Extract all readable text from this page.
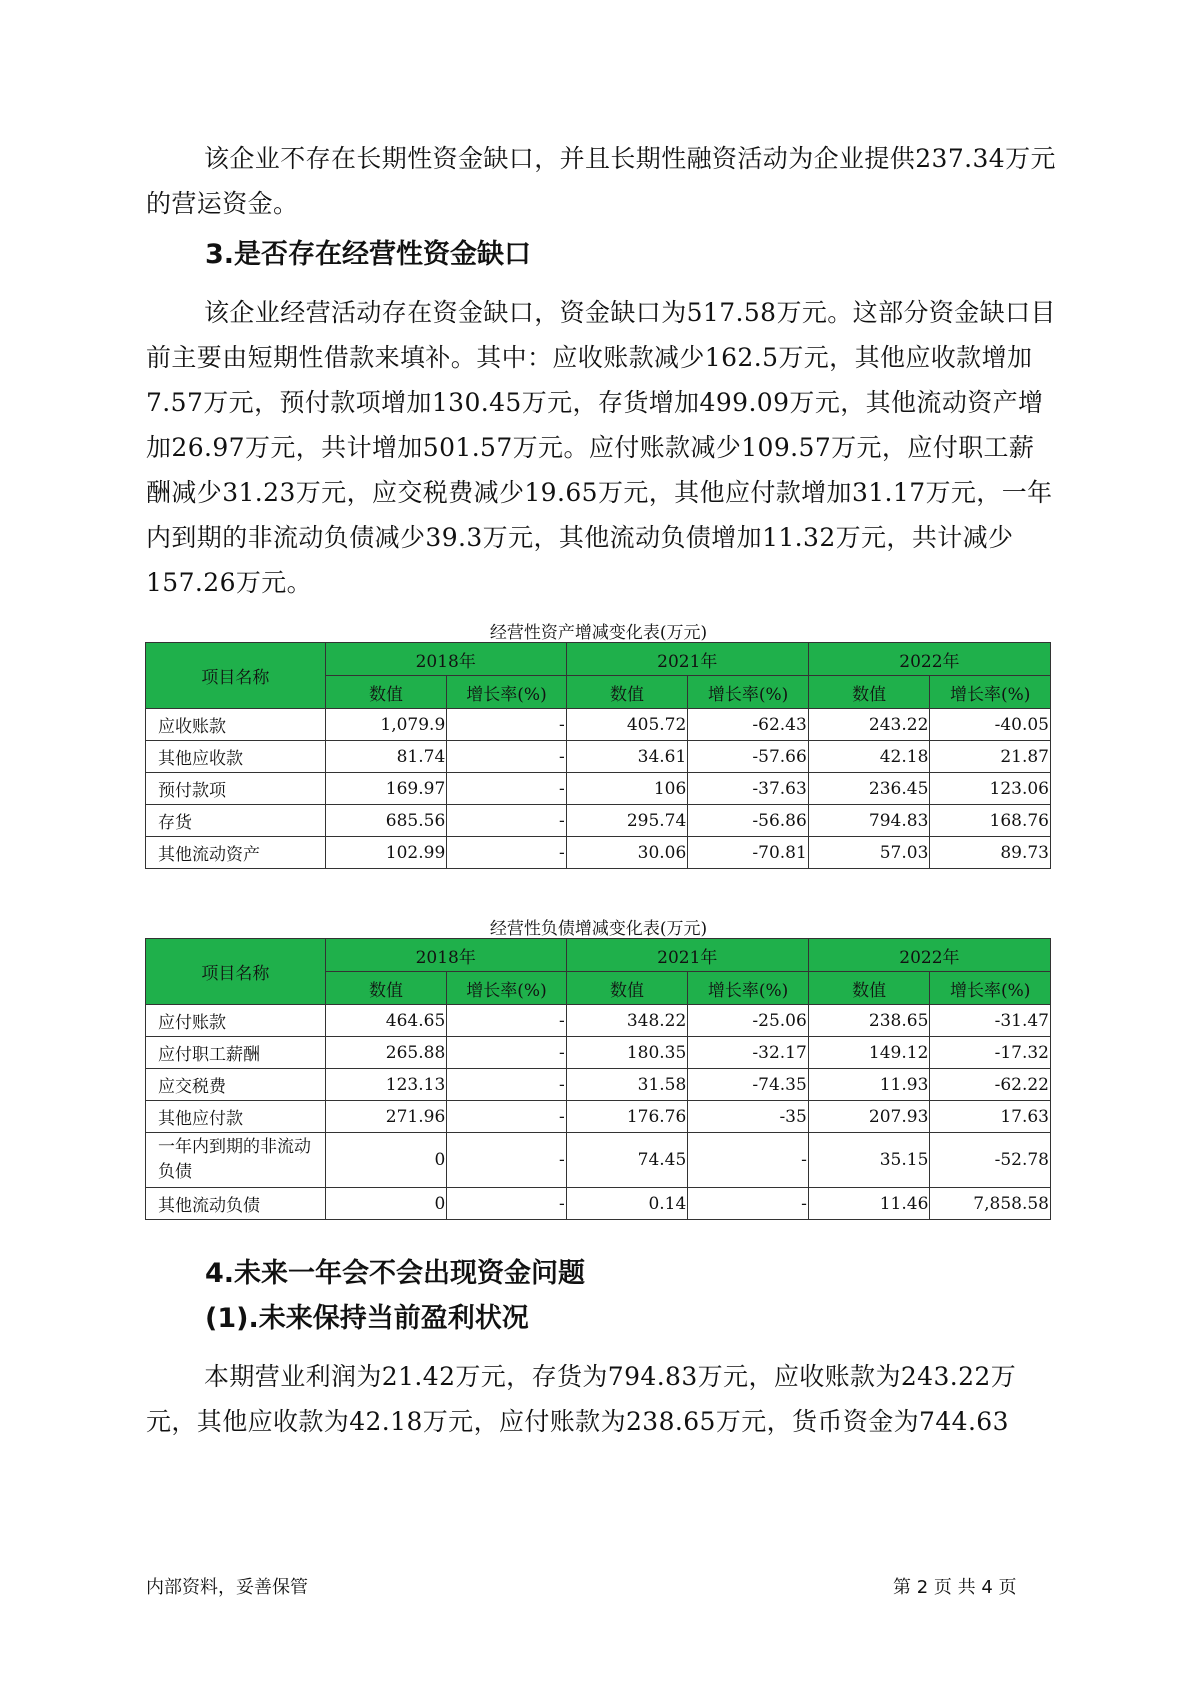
该企业不存在长期性资金缺口，并且长期性融资活动为企业提供237.34万元的营运资金。

3.是否存在经营性资金缺口

该企业经营活动存在资金缺口，资金缺口为517.58万元。这部分资金缺口目前主要由短期性借款来填补。其中：应收账款减少162.5万元，其他应收款增加7.57万元，预付款项增加130.45万元，存货增加499.09万元，其他流动资产增加26.97万元，共计增加501.57万元。应付账款减少109.57万元，应付职工薪酬减少31.23万元，应交税费减少19.65万元，其他应付款增加31.17万元，一年内到期的非流动负债减少39.3万元，其他流动负债增加11.32万元，共计减少157.26万元。

经营性资产增减变化表(万元)

项目名称	2018年		2021年		2022年	
	数值	增长率(%)	数值	增长率(%)	数值	增长率(%)
应收账款	1,079.9	-	405.72	-62.43	243.22	-40.05
其他应收款	81.74	-	34.61	-57.66	42.18	21.87
预付款项	169.97	-	106	-37.63	236.45	123.06
存货	685.56	-	295.74	-56.86	794.83	168.76
其他流动资产	102.99	-	30.06	-70.81	57.03	89.73

经营性负债增减变化表(万元)

项目名称	2018年		2021年		2022年	
	数值	增长率(%)	数值	增长率(%)	数值	增长率(%)
应付账款	464.65	-	348.22	-25.06	238.65	-31.47
应付职工薪酬	265.88	-	180.35	-32.17	149.12	-17.32
应交税费	123.13	-	31.58	-74.35	11.93	-62.22
其他应付款	271.96	-	176.76	-35	207.93	17.63
一年内到期的非流动负债	0	-	74.45	-	35.15	-52.78
其他流动负债	0	-	0.14	-	11.46	7,858.58
4.未来一年会不会出现资金问题
(1).未来保持当前盈利状况

本期营业利润为21.42万元，存货为794.83万元，应收账款为243.22万元，其他应收款为42.18万元，应付账款为238.65万元，货币资金为744.63

内部资料，妥善保管	第 2 页 共 4 页
